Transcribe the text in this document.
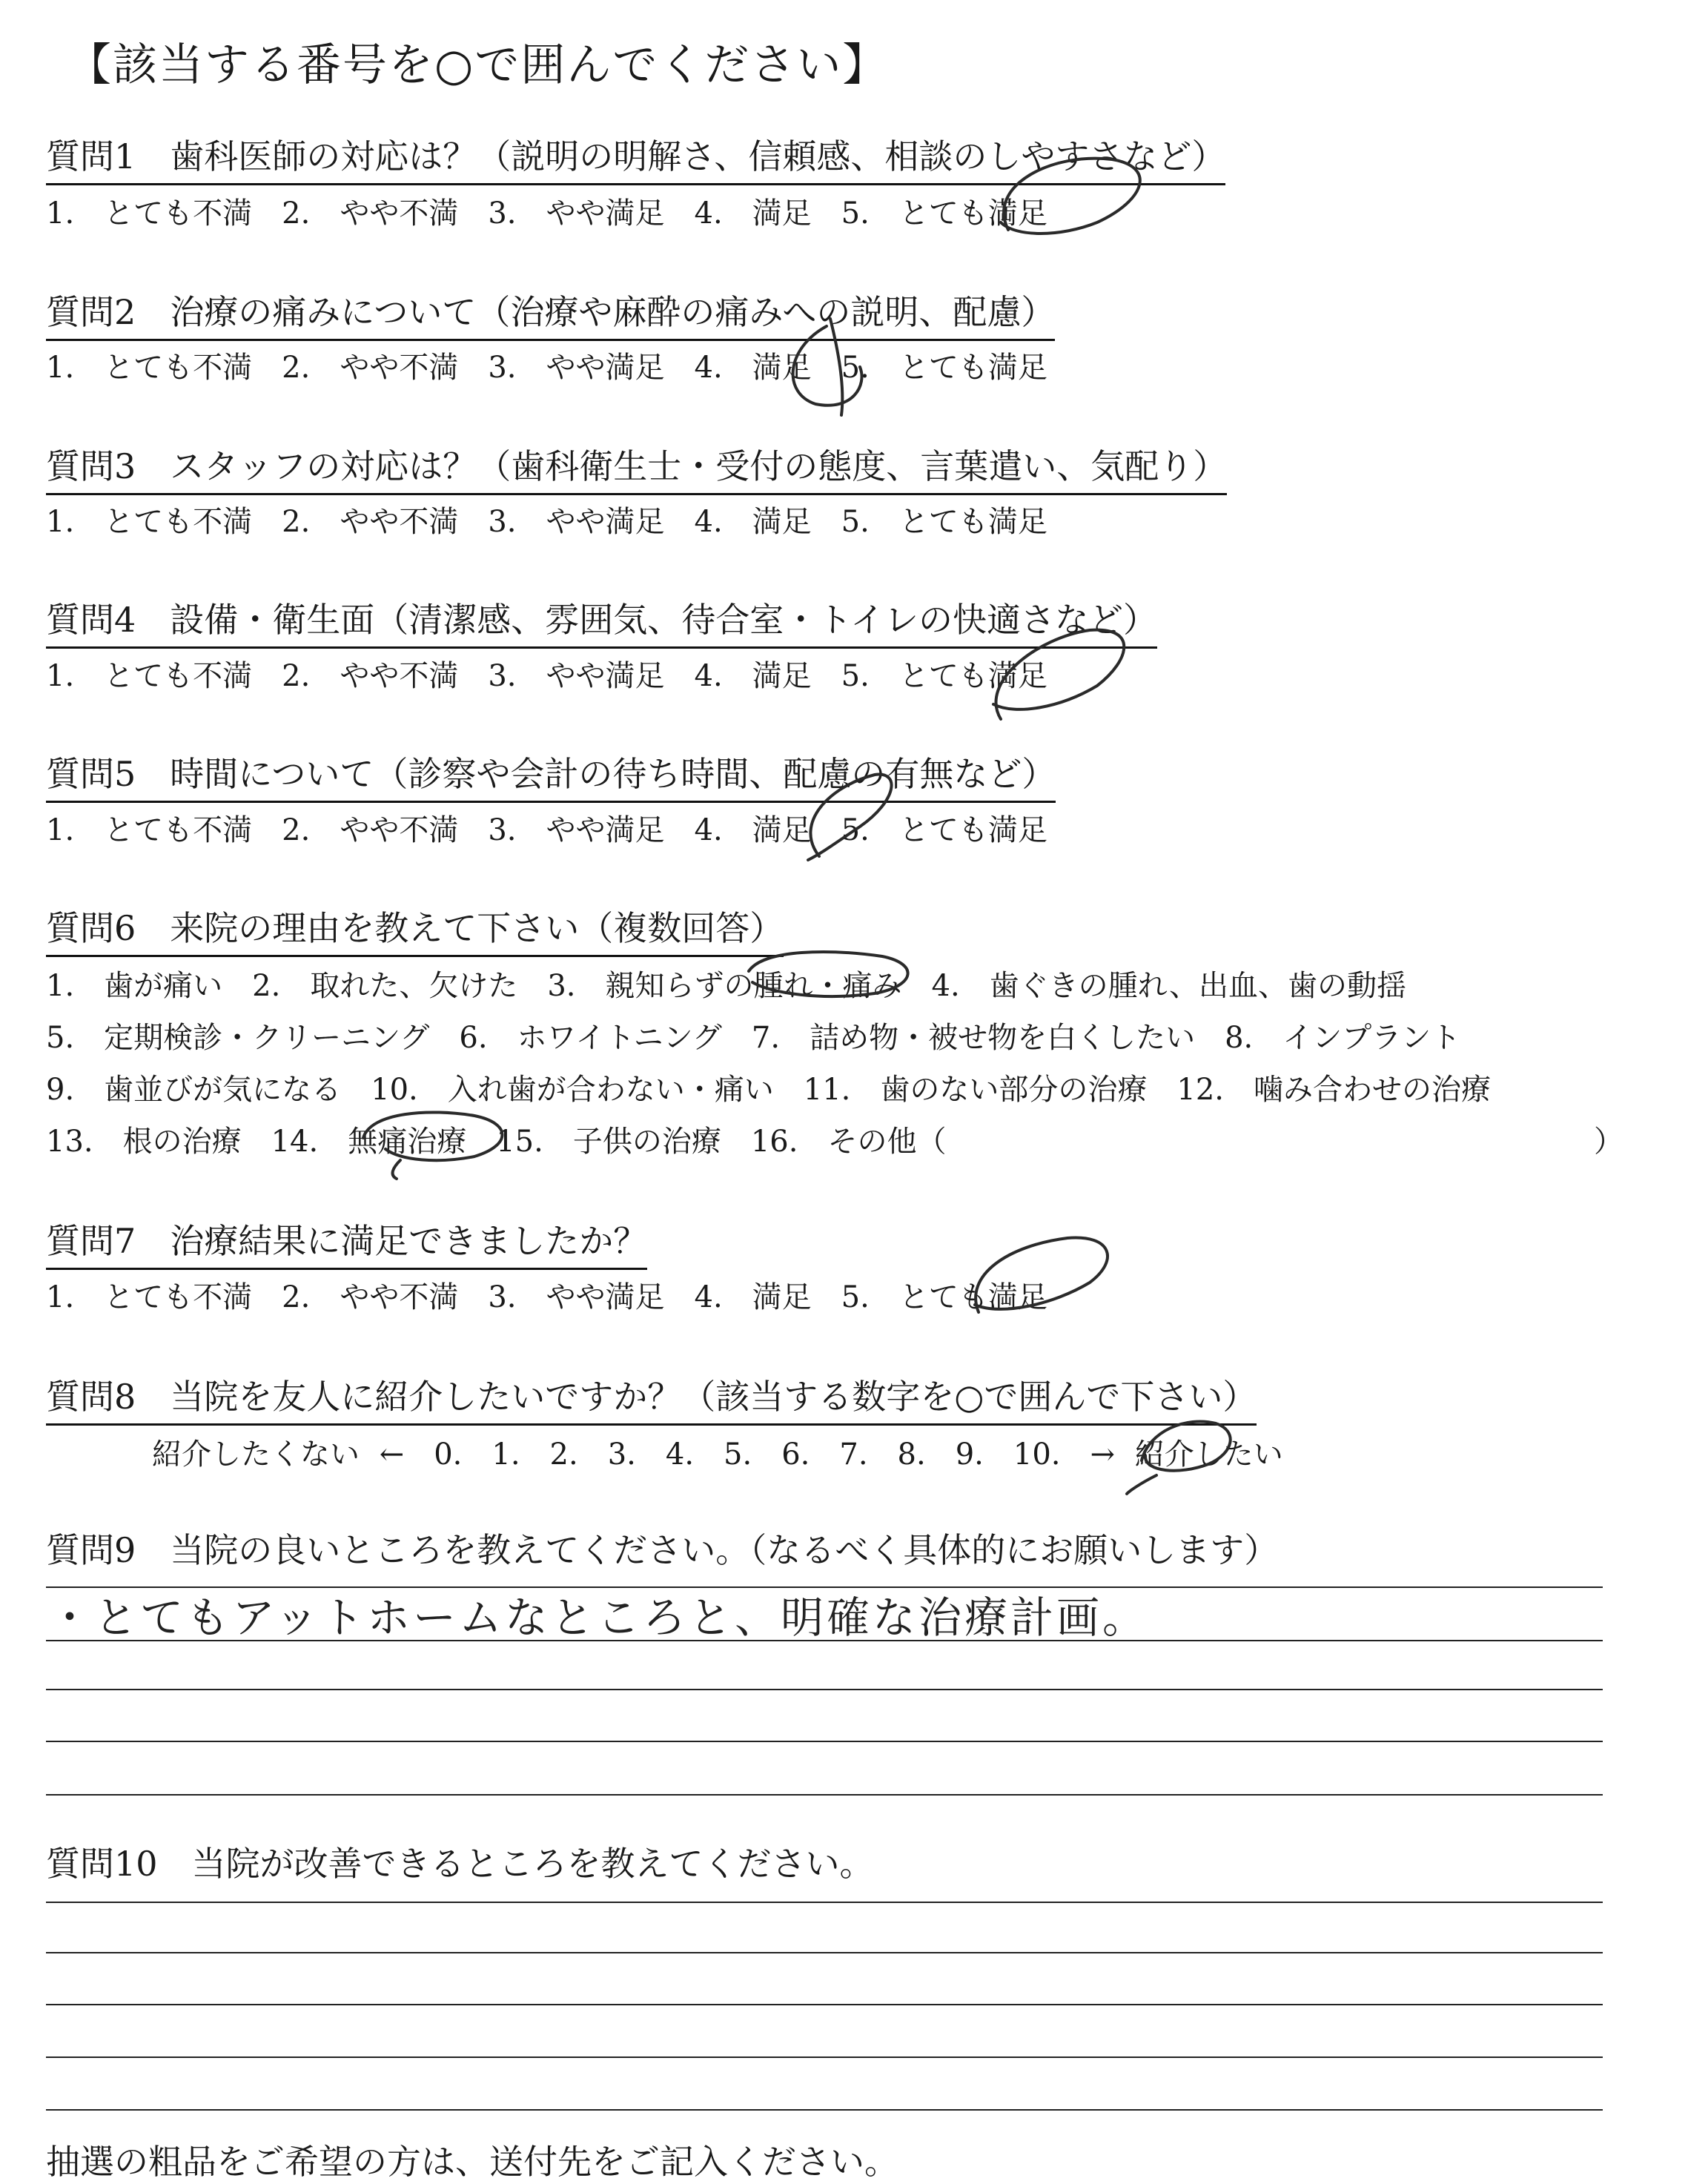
【該当する番号を○で囲んでください】
質問1　歯科医師の対応は？（説明の明解さ、信頼感、相談のしやすさなど）
1.　とても不満　2.　やや不満　3.　やや満足　4.　満足　5.　とても満足
質問2　治療の痛みについて（治療や麻酔の痛みへの説明、配慮）
1.　とても不満　2.　やや不満　3.　やや満足　4.　満足　5.　とても満足
質問3　スタッフの対応は？（歯科衛生士・受付の態度、言葉遣い、気配り）
1.　とても不満　2.　やや不満　3.　やや満足　4.　満足　5.　とても満足
質問4　設備・衛生面（清潔感、雰囲気、待合室・トイレの快適さなど）
1.　とても不満　2.　やや不満　3.　やや満足　4.　満足　5.　とても満足
質問5　時間について（診察や会計の待ち時間、配慮の有無など）
1.　とても不満　2.　やや不満　3.　やや満足　4.　満足　5.　とても満足
質問6　来院の理由を教えて下さい（複数回答）
1.　歯が痛い　2.　取れた、欠けた　3.　親知らずの腫れ・痛み　4.　歯ぐきの腫れ、出血、歯の動揺
5.　定期検診・クリーニング　6.　ホワイトニング　7.　詰め物・被せ物を白くしたい　8.　インプラント
9.　歯並びが気になる　10.　入れ歯が合わない・痛い　11.　歯のない部分の治療　12.　噛み合わせの治療
13.　根の治療　14.　無痛治療　15.　子供の治療　16.　その他（	）
質問7　治療結果に満足できましたか？
1.　とても不満　2.　やや不満　3.　やや満足　4.　満足　5.　とても満足
質問8　当院を友人に紹介したいですか？（該当する数字を○で囲んで下さい）
紹介したくない ←　0.　1.　2.　3.　4.　5.　6.　7.　8.　9.　10.　→ 紹介したい
質問9　当院の良いところを教えてください。（なるべく具体的にお願いします）
・とてもアットホームなところと、明確な治療計画。
質問10　当院が改善できるところを教えてください。
抽選の粗品をご希望の方は、送付先をご記入ください。
